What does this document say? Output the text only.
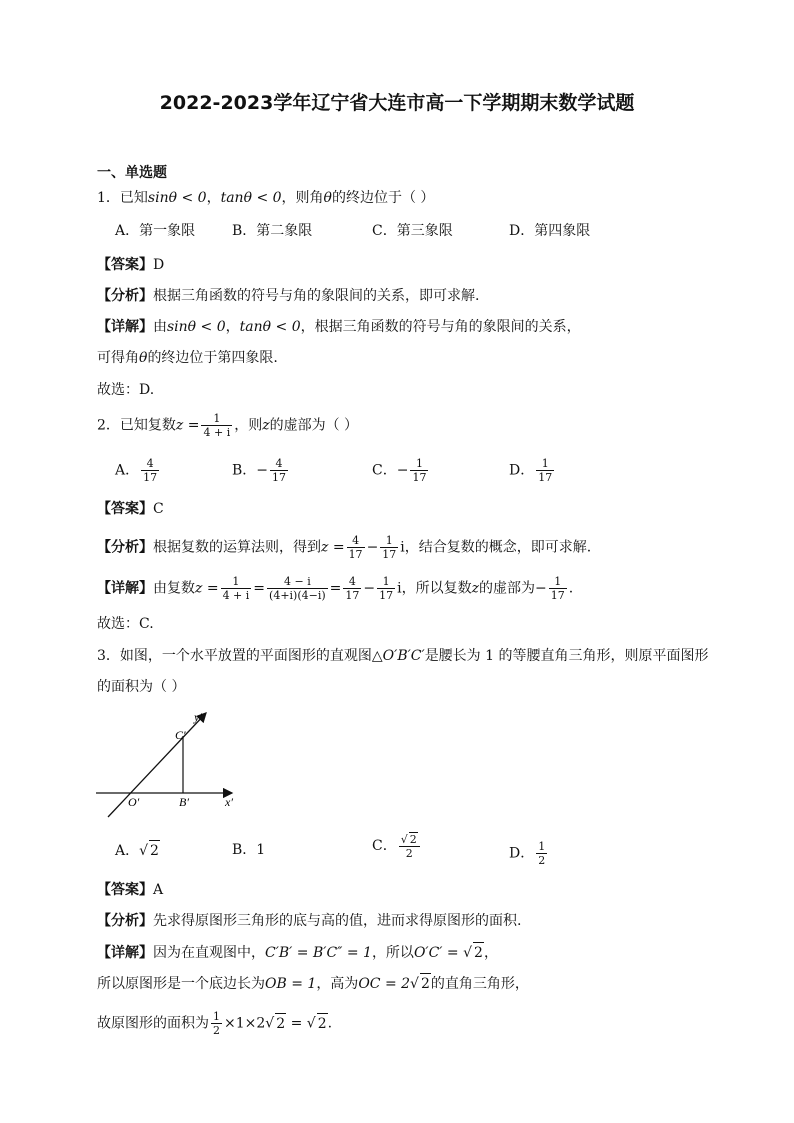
2022-2023学年辽宁省大连市高一下学期期末数学试题
一、单选题
1．已知sinθ < 0，tanθ < 0，则角θ的终边位于（ ）
A．第一象限	B．第二象限	C．第三象限	D．第四象限
【答案】D
【分析】根据三角函数的符号与角的象限间的关系，即可求解.
【详解】由sinθ < 0，tanθ < 0，根据三角函数的符号与角的象限间的关系，
可得角θ的终边位于第四象限.
故选：D.
2．已知复数$z = \frac{1}{4 + i}$ ，则z的虚部为（ ）
A． $\frac{4}{17}$	B．− $\frac{4}{17}$	C．− $\frac{1}{17}$	D． $\frac{1}{17}$
【答案】C
【分析】根据复数的运算法则，得到$z = \frac{4}{17} - \frac{1}{17}$ i，结合复数的概念，即可求解.
【详解】由复数$z = \frac{1}{4 + i} = \frac{4 - i}{(4+i)(4-i)} = \frac{4}{17} - \frac{1}{17}$ i，所以复数z的虚部为− $\frac{1}{17}$ .
故选：C.
3．如图，一个水平放置的平面图形的直观图△O′B′C′是腰长为 1 的等腰直角三角形，则原平面图形
的面积为（ ）
y′
C′
O′	B′	x′
A．√ 2	B．1	C． $\frac{√ 2}{2}$	D． $\frac{1}{2}$
【答案】A
【分析】先求得原图形三角形的底与高的值，进而求得原图形的面积.
【详解】因为在直观图中，C′B′ = B′C″ = 1，所以O′C′ = √ 2，
所以原图形是一个底边长为OB = 1，高为OC = 2√ 2的直角三角形，
故原图形的面积为 $\frac{1}{2} \times 1\times 2√$ 2 = √ 2.
